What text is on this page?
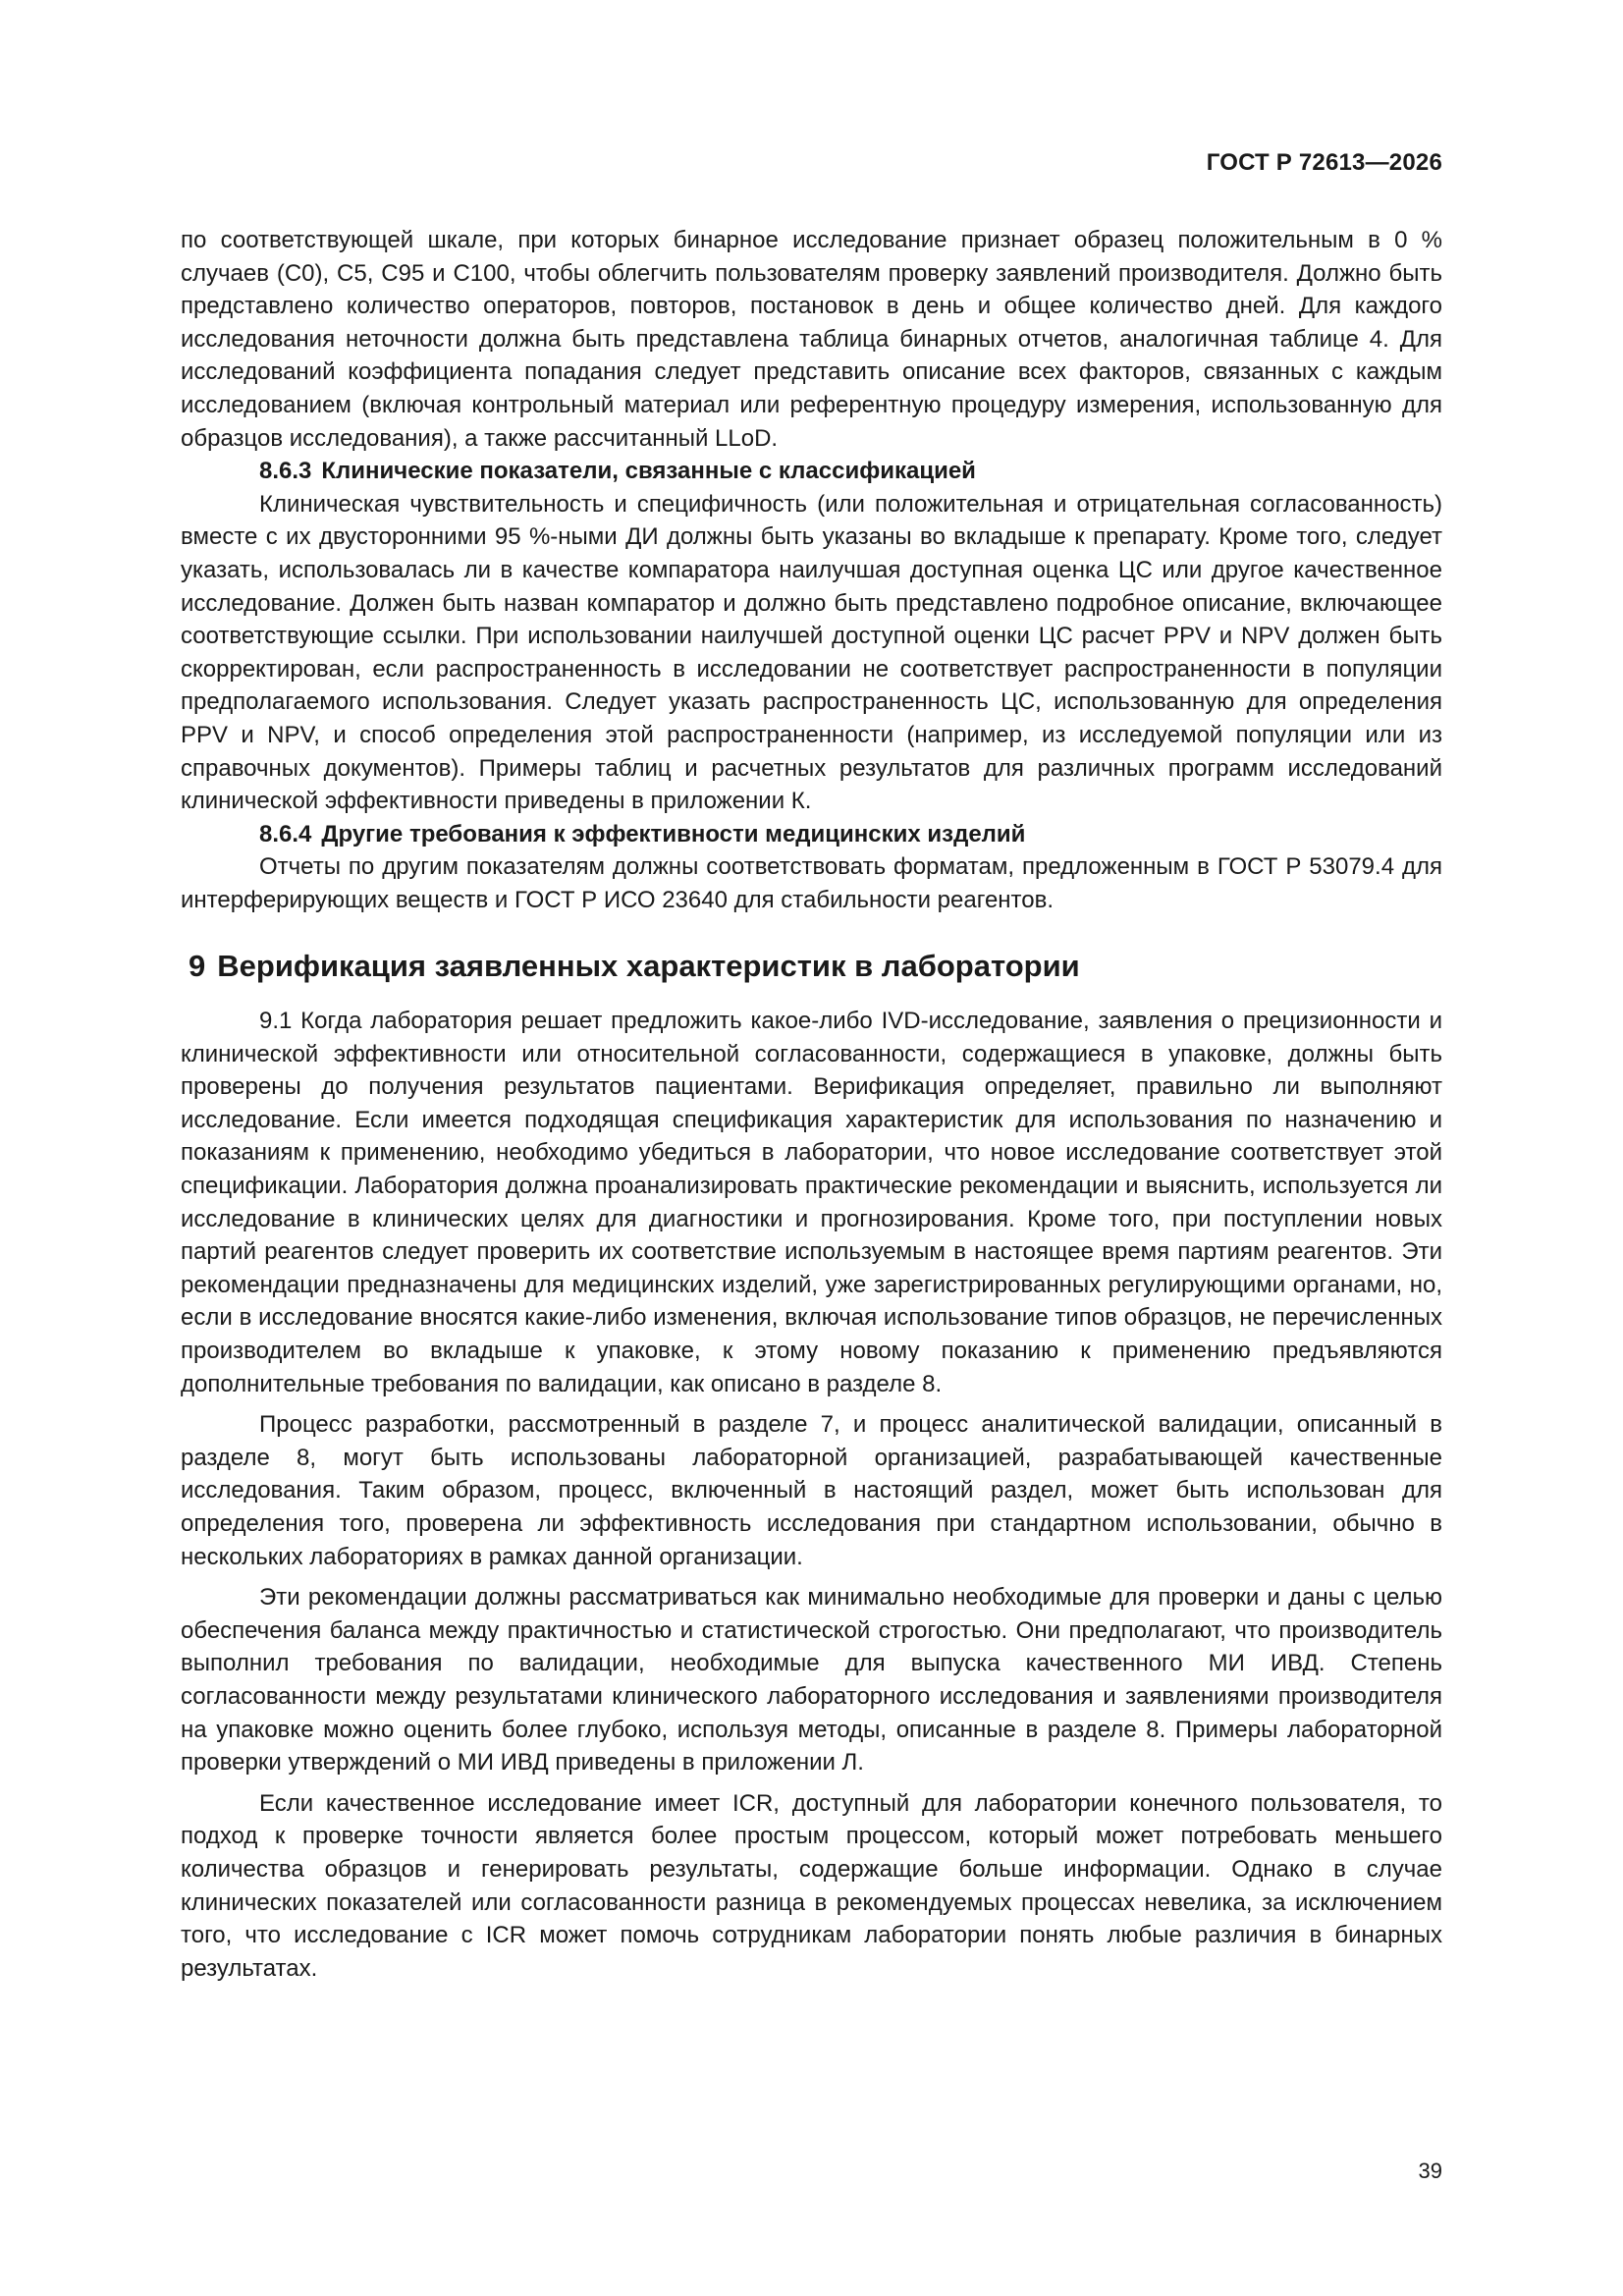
ГОСТ Р 72613—2026

по соответствующей шкале, при которых бинарное исследование признает образец положительным в 0 % случаев (C0), C5, C95 и C100, чтобы облегчить пользователям проверку заявлений производителя. Должно быть представлено количество операторов, повторов, постановок в день и общее количество дней. Для каждого исследования неточности должна быть представлена таблица бинарных отчетов, аналогичная таблице 4. Для исследований коэффициента попадания следует представить описание всех факторов, связанных с каждым исследованием (включая контрольный материал или референтную процедуру измерения, использованную для образцов исследования), а также рассчитанный LLoD.

8.6.3 Клинические показатели, связанные с классификацией

Клиническая чувствительность и специфичность (или положительная и отрицательная согласованность) вместе с их двусторонними 95 %-ными ДИ должны быть указаны во вкладыше к препарату. Кроме того, следует указать, использовалась ли в качестве компаратора наилучшая доступная оценка ЦС или другое качественное исследование. Должен быть назван компаратор и должно быть представлено подробное описание, включающее соответствующие ссылки. При использовании наилучшей доступной оценки ЦС расчет PPV и NPV должен быть скорректирован, если распространенность в исследовании не соответствует распространенности в популяции предполагаемого использования. Следует указать распространенность ЦС, использованную для определения PPV и NPV, и способ определения этой распространенности (например, из исследуемой популяции или из справочных документов). Примеры таблиц и расчетных результатов для различных программ исследований клинической эффективности приведены в приложении К.

8.6.4 Другие требования к эффективности медицинских изделий

Отчеты по другим показателям должны соответствовать форматам, предложенным в ГОСТ Р 53079.4 для интерферирующих веществ и ГОСТ Р ИСО 23640 для стабильности реагентов.

9 Верификация заявленных характеристик в лаборатории

9.1 Когда лаборатория решает предложить какое-либо IVD-исследование, заявления о прецизионности и клинической эффективности или относительной согласованности, содержащиеся в упаковке, должны быть проверены до получения результатов пациентами. Верификация определяет, правильно ли выполняют исследование. Если имеется подходящая спецификация характеристик для использования по назначению и показаниям к применению, необходимо убедиться в лаборатории, что новое исследование соответствует этой спецификации. Лаборатория должна проанализировать практические рекомендации и выяснить, используется ли исследование в клинических целях для диагностики и прогнозирования. Кроме того, при поступлении новых партий реагентов следует проверить их соответствие используемым в настоящее время партиям реагентов. Эти рекомендации предназначены для медицинских изделий, уже зарегистрированных регулирующими органами, но, если в исследование вносятся какие-либо изменения, включая использование типов образцов, не перечисленных производителем во вкладыше к упаковке, к этому новому показанию к применению предъявляются дополнительные требования по валидации, как описано в разделе 8.

Процесс разработки, рассмотренный в разделе 7, и процесс аналитической валидации, описанный в разделе 8, могут быть использованы лабораторной организацией, разрабатывающей качественные исследования. Таким образом, процесс, включенный в настоящий раздел, может быть использован для определения того, проверена ли эффективность исследования при стандартном использовании, обычно в нескольких лабораториях в рамках данной организации.

Эти рекомендации должны рассматриваться как минимально необходимые для проверки и даны с целью обеспечения баланса между практичностью и статистической строгостью. Они предполагают, что производитель выполнил требования по валидации, необходимые для выпуска качественного МИ ИВД. Степень согласованности между результатами клинического лабораторного исследования и заявлениями производителя на упаковке можно оценить более глубоко, используя методы, описанные в разделе 8. Примеры лабораторной проверки утверждений о МИ ИВД приведены в приложении Л.

Если качественное исследование имеет ICR, доступный для лаборатории конечного пользователя, то подход к проверке точности является более простым процессом, который может потребовать меньшего количества образцов и генерировать результаты, содержащие больше информации. Однако в случае клинических показателей или согласованности разница в рекомендуемых процессах невелика, за исключением того, что исследование с ICR может помочь сотрудникам лаборатории понять любые различия в бинарных результатах.

39
